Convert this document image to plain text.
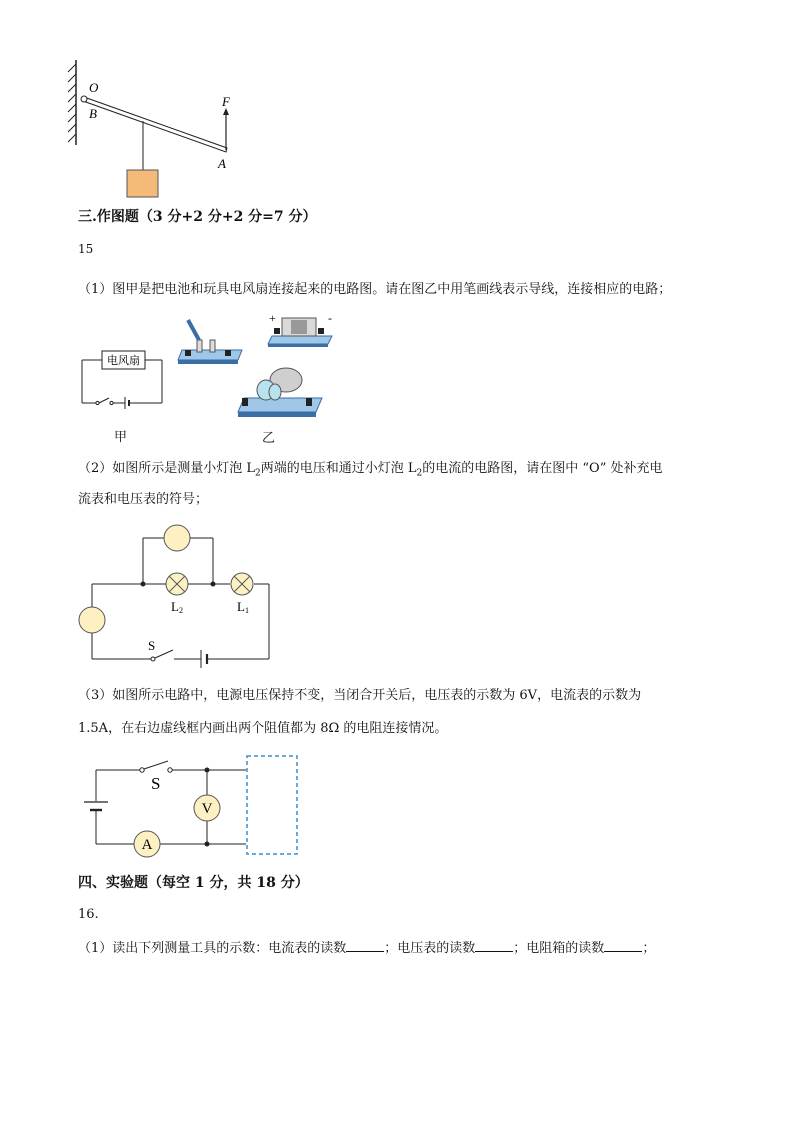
O
B
F
A
三.作图题（3 分+2 分+2 分=7 分）
15
（1）图甲是把电池和玩具电风扇连接起来的电路图。请在图乙中用笔画线表示导线，连接相应的电路；
电风扇
甲
+	-
乙
（2）如图所示是测量小灯泡 $L_2$两端的电压和通过小灯泡 $L_2$的电流的电路图，请在图中 “O” 处补充电
流表和电压表的符号；
L2	L1
S
（3）如图所示电路中，电源电压保持不变，当闭合开关后，电压表的示数为 6V，电流表的示数为
1.5A，在右边虚线框内画出两个阻值都为 8Ω 的电阻连接情况。
V
A
S
四、实验题（每空 1 分，共 18 分）
16.
（1）读出下列测量工具的示数：电流表的读数	；电压表的读数	；电阻箱的读数	；
